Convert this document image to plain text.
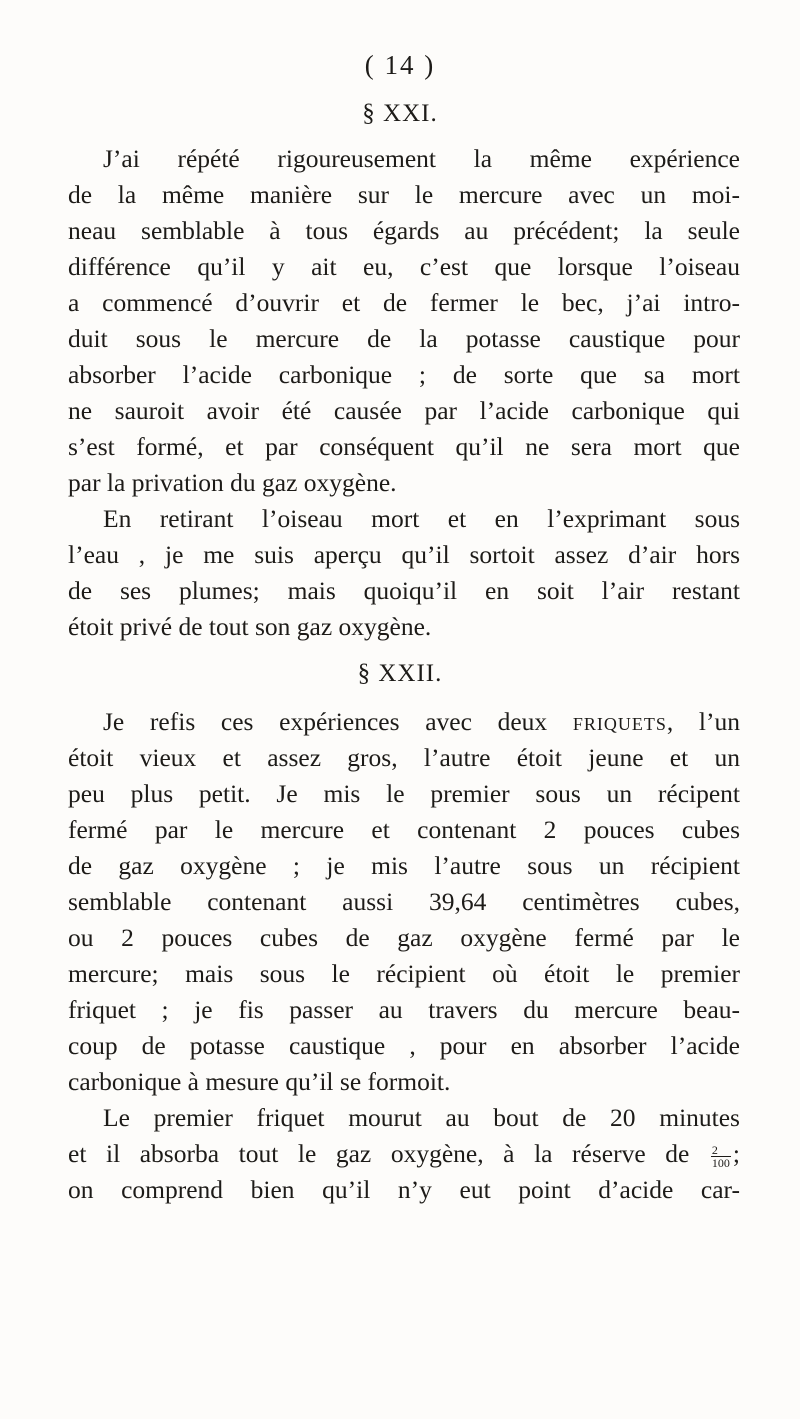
( 14 )
§ XXI.
J’ai répété rigoureusement la même expérience
de la même manière sur le mercure avec un moi-
neau semblable à tous égards au précédent; la seule
différence qu’il y ait eu, c’est que lorsque l’oiseau
a commencé d’ouvrir et de fermer le bec, j’ai intro-
duit sous le mercure de la potasse caustique pour
absorber l’acide carbonique ; de sorte que sa mort
ne sauroit avoir été causée par l’acide carbonique qui
s’est formé, et par conséquent qu’il ne sera mort que
par la privation du gaz oxygène.
En retirant l’oiseau mort et en l’exprimant sous
l’eau , je me suis aperçu qu’il sortoit assez d’air hors
de ses plumes; mais quoiqu’il en soit l’air restant
étoit privé de tout son gaz oxygène.
§ XXII.
Je refis ces expériences avec deux friquets, l’un
étoit vieux et assez gros, l’autre étoit jeune et un
peu plus petit. Je mis le premier sous un récipent
fermé par le mercure et contenant 2 pouces cubes
de gaz oxygène ; je mis l’autre sous un récipient
semblable contenant aussi 39,64 centimètres cubes,
ou 2 pouces cubes de gaz oxygène fermé par le
mercure; mais sous le récipient où étoit le premier
friquet ; je fis passer au travers du mercure beau-
coup de potasse caustique , pour en absorber l’acide
carbonique à mesure qu’il se formoit.
Le premier friquet mourut au bout de 20 minutes
et il absorba tout le gaz oxygène, à la réserve de $\frac{2}{100}$ ;
on comprend bien qu’il n’y eut point d’acide car-
